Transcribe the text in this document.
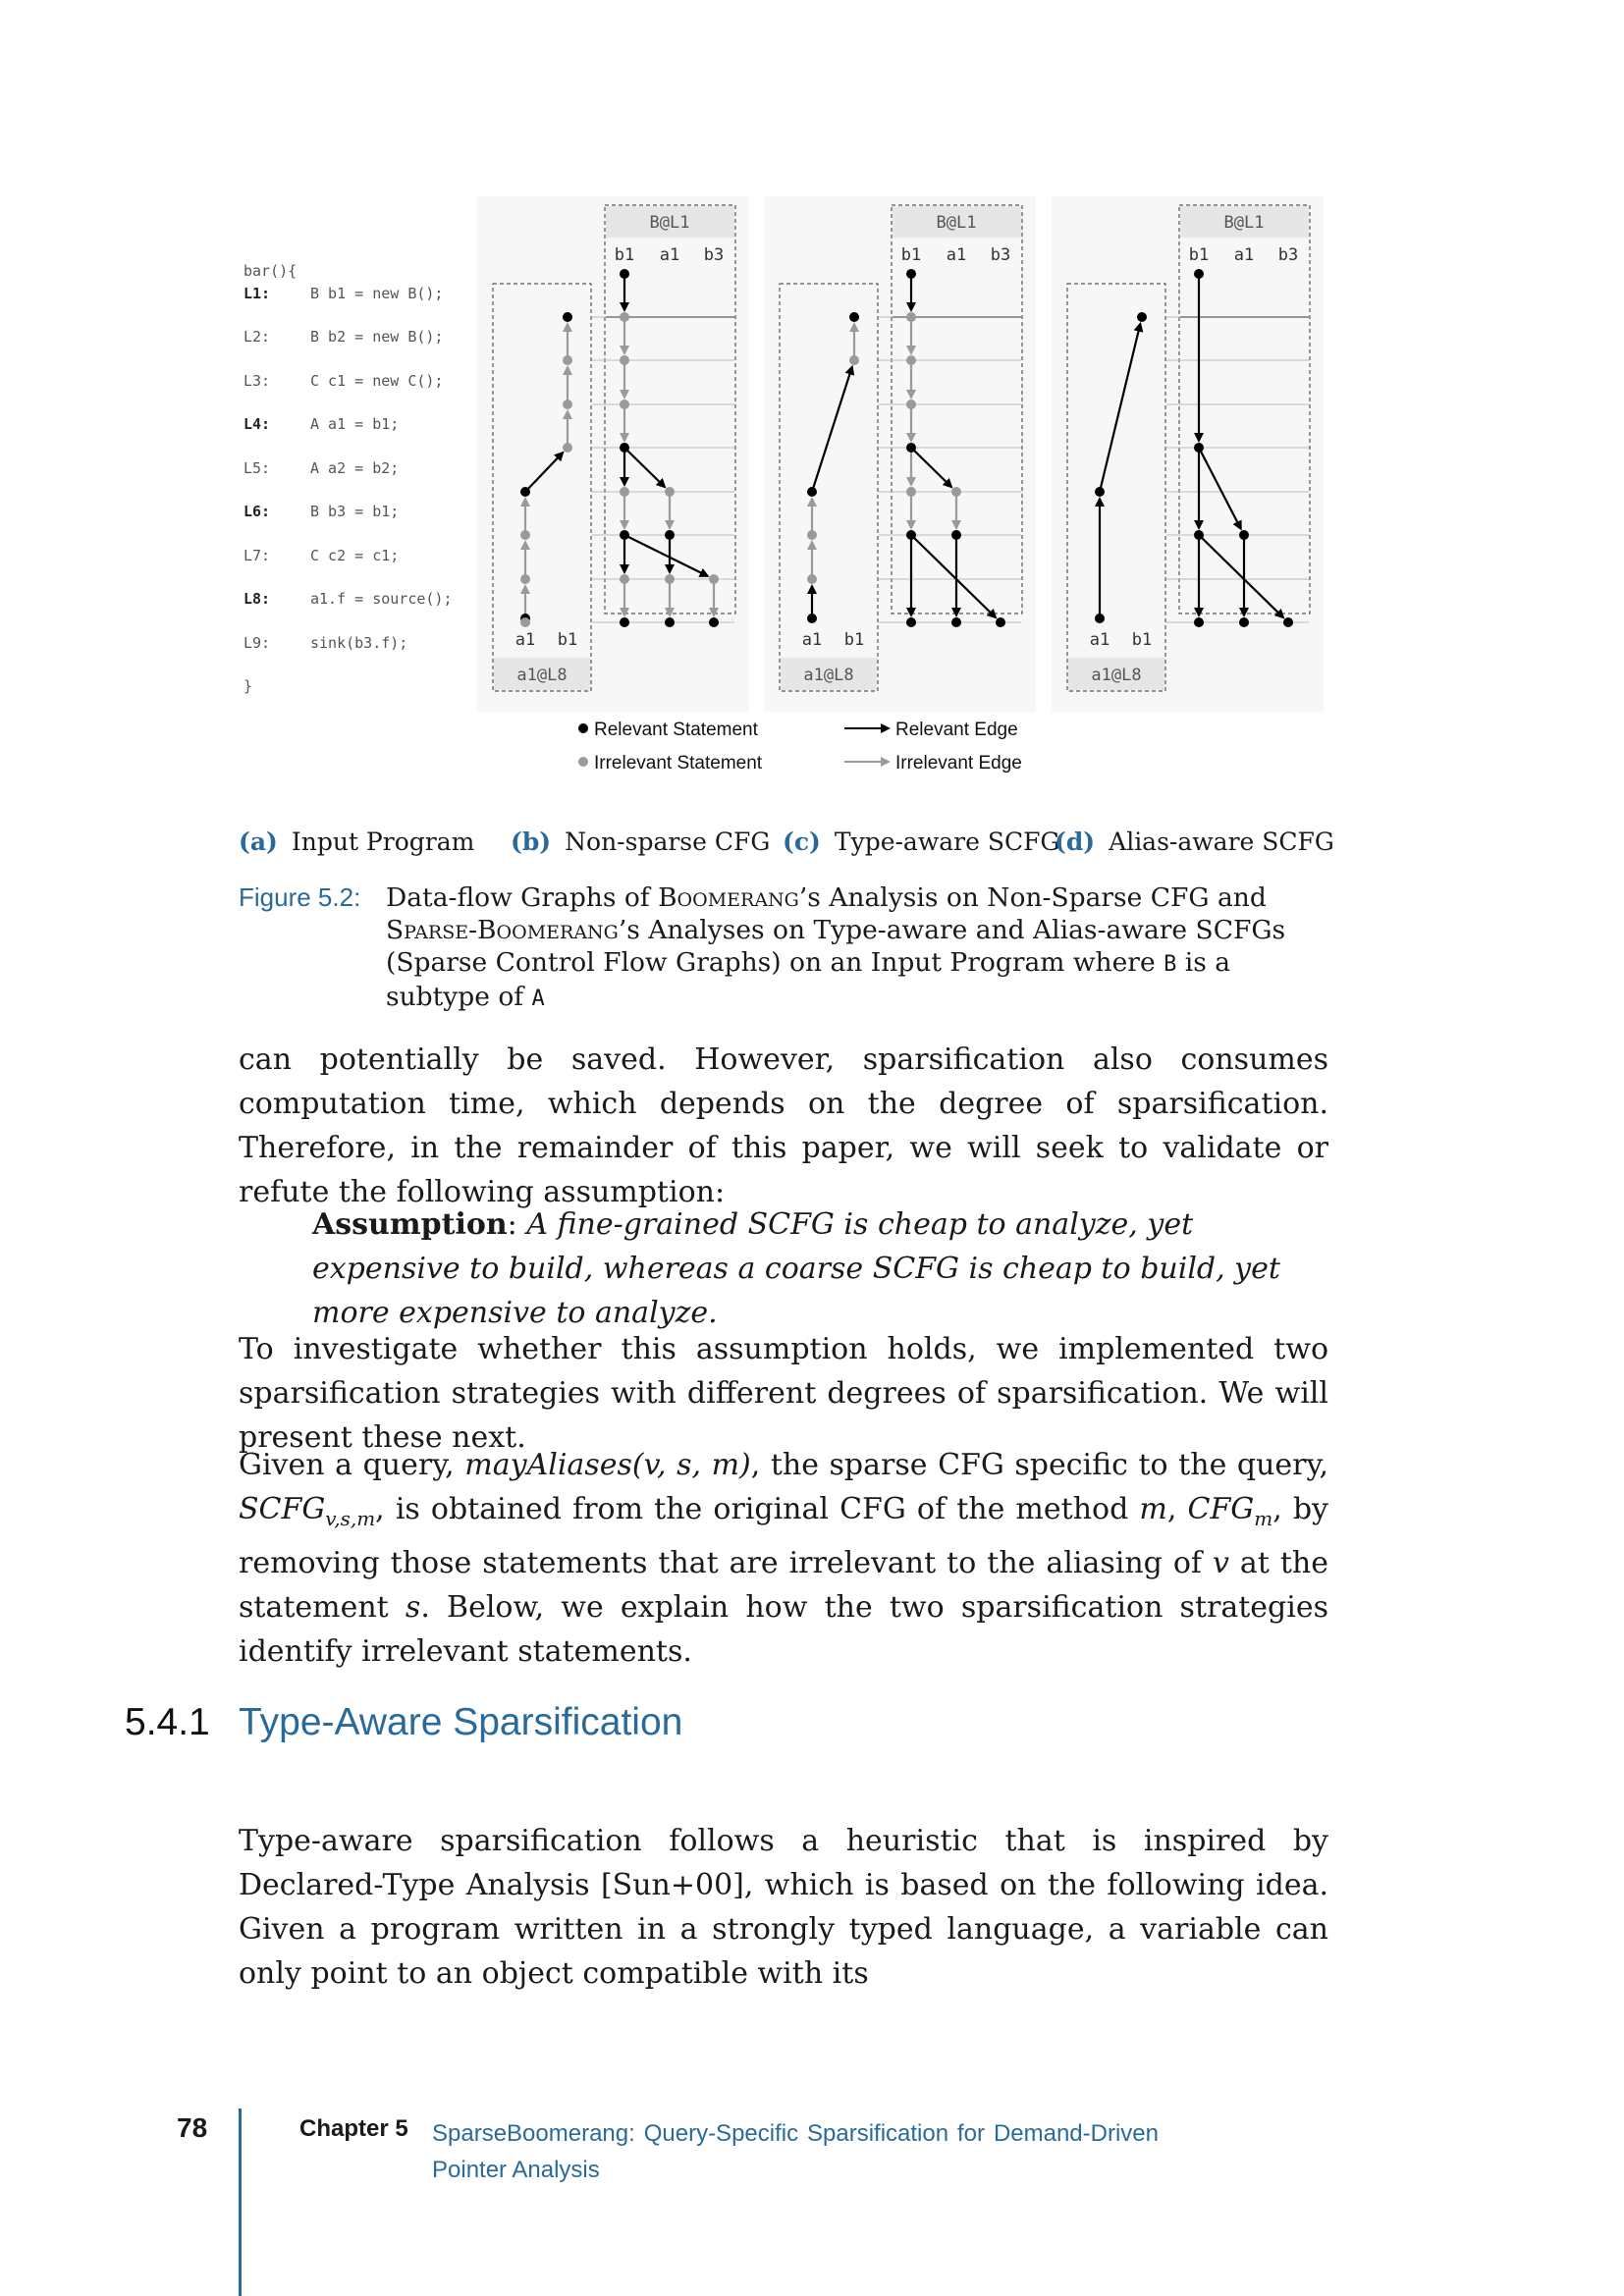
bar(){
L1:	B b1 = new B();
L2:	B b2 = new B();
L3:	C c1 = new C();
L4:	A a1 = b1;
L5:	A a2 = b2;
L6:	B b3 = b1;
L7:	C c2 = c1;
L8:	a1.f = source();
L9:	sink(b3.f);
}
B@L1
b1 a1 b3
a1@L8
a1 b1
B@L1
b1 a1 b3
a1@L8
a1 b1
B@L1
b1 a1 b3
a1@L8
a1 b1
Relevant Statement
Irrelevant Statement
Relevant Edge
Irrelevant Edge
(a) Input Program (b) Non-sparse CFG (c) Type-aware SCFG
(d) Alias-aware SCFG
Figure 5.2: Data-flow Graphs of Boomerang’s Analysis on Non-Sparse CFG and Sparse-Boomerang’s Analyses on Type-aware and Alias-aware SCFGs (Sparse Control Flow Graphs) on an Input Program where B is a subtype of A
can potentially be saved. However, sparsification also consumes computation time, which depends on the degree of sparsification. Therefore, in the remainder of this paper, we will seek to validate or refute the following assumption:
Assumption: A fine-grained SCFG is cheap to analyze, yet expensive to build, whereas a coarse SCFG is cheap to build, yet more expensive to analyze.
To investigate whether this assumption holds, we implemented two sparsification strategies with different degrees of sparsification. We will present these next.
Given a query, mayAliases(v, s, m), the sparse CFG specific to the query, $SCFG_{v,s,m}$, is obtained from the original CFG of the method m, $CFG_m$, by removing those statements that are irrelevant to the aliasing of v at the statement s. Below, we explain how the two sparsification strategies identify irrelevant statements.
5.4.1 Type-Aware Sparsification
Type-aware sparsification follows a heuristic that is inspired by Declared-Type Analysis [Sun+00], which is based on the following idea. Given a program written in a strongly typed language, a variable can only point to an object compatible with its
78	Chapter 5 SparseBoomerang: Query-Specific Sparsification for Demand-Driven Pointer Analysis
